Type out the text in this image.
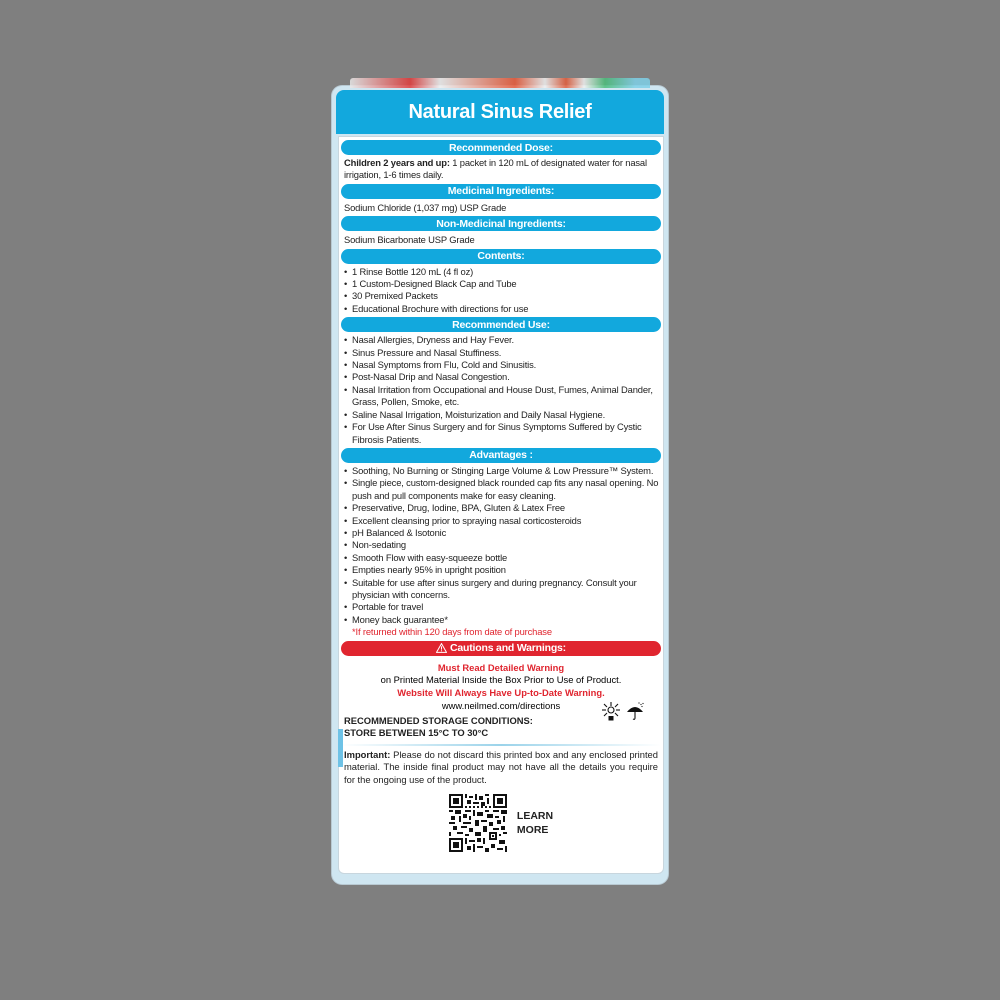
Natural Sinus Relief
Recommended Dose:
Children 2 years and up: 1 packet in 120 mL of designated water for nasal irrigation, 1-6 times daily.
Medicinal Ingredients:
Sodium Chloride (1,037 mg) USP Grade
Non-Medicinal Ingredients:
Sodium Bicarbonate USP Grade
Contents:
• 1 Rinse Bottle 120 mL (4 fl oz)
• 1 Custom-Designed Black Cap and Tube
• 30 Premixed Packets
• Educational Brochure with directions for use
Recommended Use:
• Nasal Allergies, Dryness and Hay Fever.
• Sinus Pressure and Nasal Stuffiness.
• Nasal Symptoms from Flu, Cold and Sinusitis.
• Post-Nasal Drip and Nasal Congestion.
• Nasal Irritation from Occupational and House Dust, Fumes, Animal Dander, Grass, Pollen, Smoke, etc.
• Saline Nasal Irrigation, Moisturization and Daily Nasal Hygiene.
• For Use After Sinus Surgery and for Sinus Symptoms Suffered by Cystic Fibrosis Patients.
Advantages :
• Soothing, No Burning or Stinging Large Volume & Low Pressure™ System.
• Single piece, custom-designed black rounded cap fits any nasal opening. No push and pull components make for easy cleaning.
• Preservative, Drug, Iodine, BPA, Gluten & Latex Free
• Excellent cleansing prior to spraying nasal corticosteroids
• pH Balanced & Isotonic
• Non-sedating
• Smooth Flow with easy-squeeze bottle
• Empties nearly 95% in upright position
• Suitable for use after sinus surgery and during pregnancy. Consult your physician with concerns.
• Portable for travel
• Money back guarantee*
*If returned within 120 days from date of purchase
Cautions and Warnings:
Must Read Detailed Warning
on Printed Material Inside the Box Prior to Use of Product.
Website Will Always Have Up-to-Date Warning.
www.neilmed.com/directions
RECOMMENDED STORAGE CONDITIONS:
STORE BETWEEN 15°C TO 30°C
Important: Please do not discard this printed box and any enclosed printed material. The inside final product may not have all the details you require for the ongoing use of the product.
LEARN
MORE
